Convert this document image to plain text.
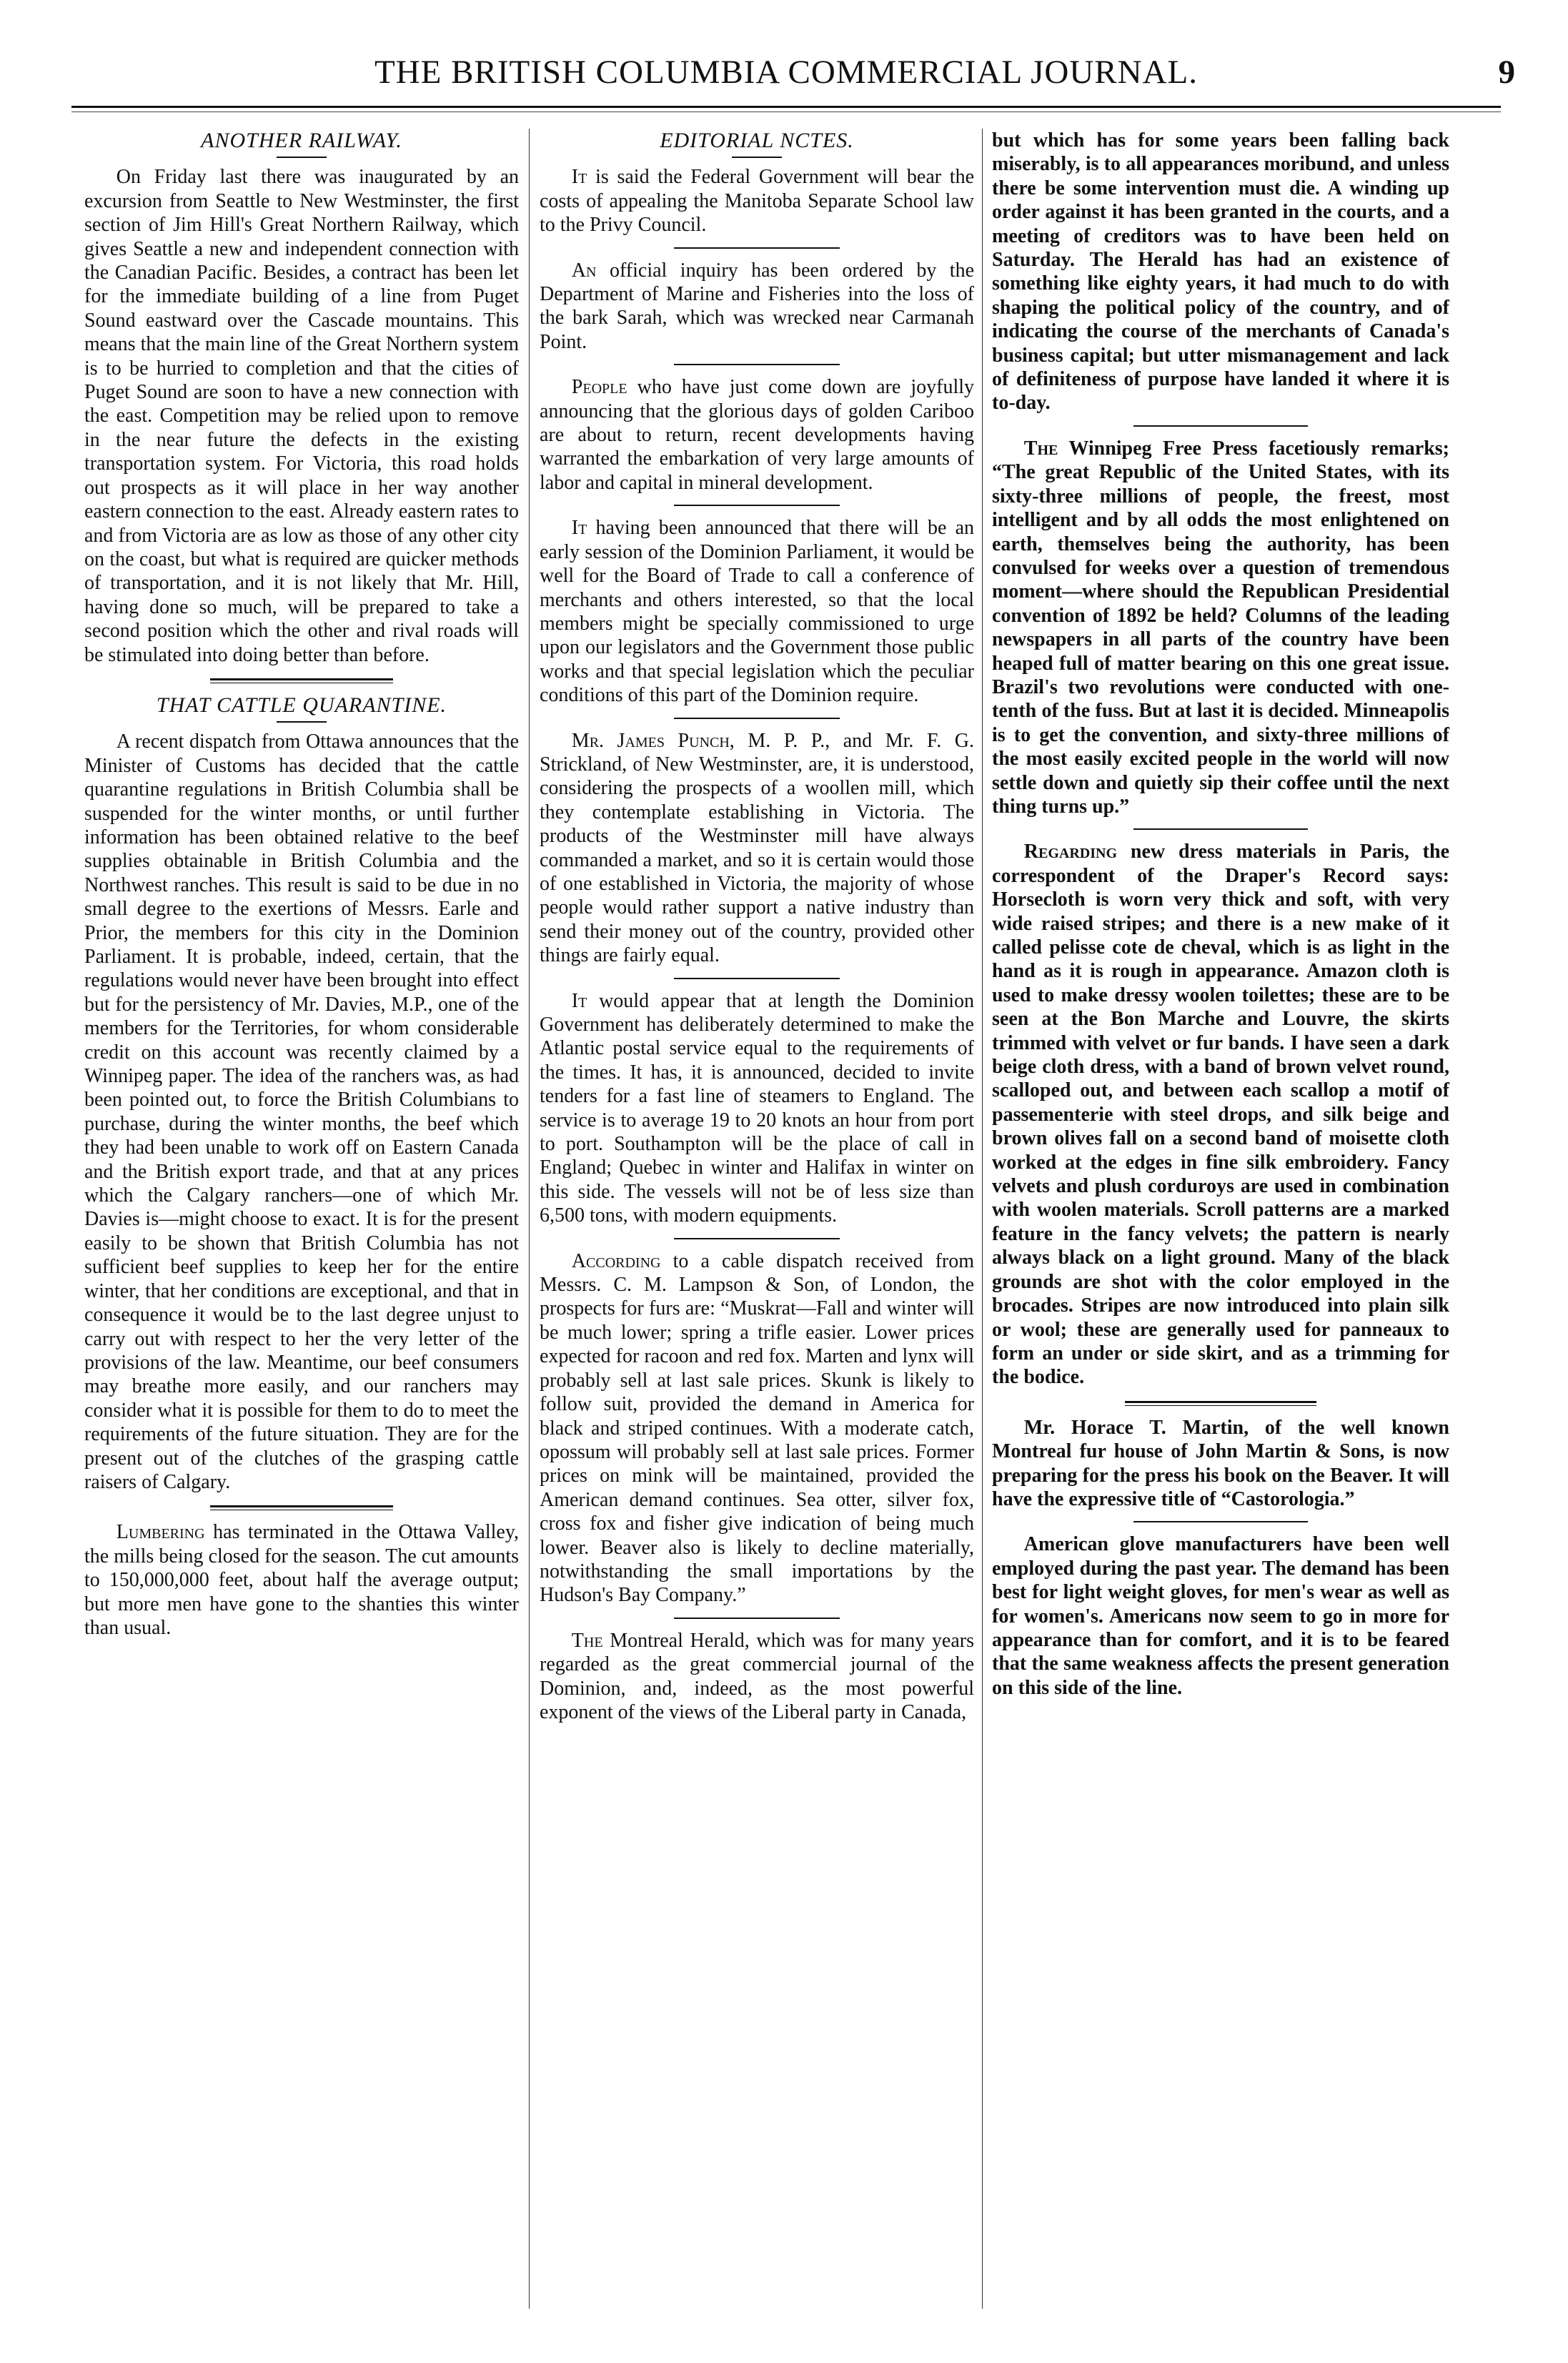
THE BRITISH COLUMBIA COMMERCIAL JOURNAL.	9
ANOTHER RAILWAY.

On Friday last there was inaugurated by an excursion from Seattle to New Westminster, the first section of Jim Hill's Great Northern Railway, which gives Seattle a new and independent connection with the Canadian Pacific. Besides, a contract has been let for the immediate building of a line from Puget Sound eastward over the Cascade mountains. This means that the main line of the Great Northern system is to be hurried to completion and that the cities of Puget Sound are soon to have a new connection with the east. Competition may be relied upon to remove in the near future the defects in the existing transportation system. For Victoria, this road holds out prospects as it will place in her way another eastern connection to the east. Already eastern rates to and from Victoria are as low as those of any other city on the coast, but what is required are quicker methods of transportation, and it is not likely that Mr. Hill, having done so much, will be prepared to take a second position which the other and rival roads will be stimulated into doing better than before.

THAT CATTLE QUARANTINE.

A recent dispatch from Ottawa announces that the Minister of Customs has decided that the cattle quarantine regulations in British Columbia shall be suspended for the winter months, or until further information has been obtained relative to the beef supplies obtainable in British Columbia and the Northwest ranches. This result is said to be due in no small degree to the exertions of Messrs. Earle and Prior, the members for this city in the Dominion Parliament. It is probable, indeed, certain, that the regulations would never have been brought into effect but for the persistency of Mr. Davies, M.P., one of the members for the Territories, for whom considerable credit on this account was recently claimed by a Winnipeg paper. The idea of the ranchers was, as had been pointed out, to force the British Columbians to purchase, during the winter months, the beef which they had been unable to work off on Eastern Canada and the British export trade, and that at any prices which the Calgary ranchers—one of which Mr. Davies is—might choose to exact. It is for the present easily to be shown that British Columbia has not sufficient beef supplies to keep her for the entire winter, that her conditions are exceptional, and that in consequence it would be to the last degree unjust to carry out with respect to her the very letter of the provisions of the law. Meantime, our beef consumers may breathe more easily, and our ranchers may consider what it is possible for them to do to meet the requirements of the future situation. They are for the present out of the clutches of the grasping cattle raisers of Calgary.

Lumbering has terminated in the Ottawa Valley, the mills being closed for the season. The cut amounts to 150,000,000 feet, about half the average output; but more men have gone to the shanties this winter than usual.

EDITORIAL NCTES.

It is said the Federal Government will bear the costs of appealing the Manitoba Separate School law to the Privy Council.

An official inquiry has been ordered by the Department of Marine and Fisheries into the loss of the bark Sarah, which was wrecked near Carmanah Point.

People who have just come down are joyfully announcing that the glorious days of golden Cariboo are about to return, recent developments having warranted the embarkation of very large amounts of labor and capital in mineral development.

It having been announced that there will be an early session of the Dominion Parliament, it would be well for the Board of Trade to call a conference of merchants and others interested, so that the local members might be specially commissioned to urge upon our legislators and the Government those public works and that special legislation which the peculiar conditions of this part of the Dominion require.

Mr. James Punch, M. P. P., and Mr. F. G. Strickland, of New Westminster, are, it is understood, considering the prospects of a woollen mill, which they contemplate establishing in Victoria. The products of the Westminster mill have always commanded a market, and so it is certain would those of one established in Victoria, the majority of whose people would rather support a native industry than send their money out of the country, provided other things are fairly equal.

It would appear that at length the Dominion Government has deliberately determined to make the Atlantic postal service equal to the requirements of the times. It has, it is announced, decided to invite tenders for a fast line of steamers to England. The service is to average 19 to 20 knots an hour from port to port. Southampton will be the place of call in England; Quebec in winter and Halifax in winter on this side. The vessels will not be of less size than 6,500 tons, with modern equipments.

According to a cable dispatch received from Messrs. C. M. Lampson & Son, of London, the prospects for furs are: “Muskrat—Fall and winter will be much lower; spring a trifle easier. Lower prices expected for racoon and red fox. Marten and lynx will probably sell at last sale prices. Skunk is likely to follow suit, provided the demand in America for black and striped continues. With a moderate catch, opossum will probably sell at last sale prices. Former prices on mink will be maintained, provided the American demand continues. Sea otter, silver fox, cross fox and fisher give indication of being much lower. Beaver also is likely to decline materially, notwithstanding the small importations by the Hudson's Bay Company.”

The Montreal Herald, which was for many years regarded as the great commercial journal of the Dominion, and, indeed, as the most powerful exponent of the views of the Liberal party in Canada,

but which has for some years been falling back miserably, is to all appearances moribund, and unless there be some intervention must die. A winding up order against it has been granted in the courts, and a meeting of creditors was to have been held on Saturday. The Herald has had an existence of something like eighty years, it had much to do with shaping the political policy of the country, and of indicating the course of the merchants of Canada's business capital; but utter mismanagement and lack of definiteness of purpose have landed it where it is to-day.

The Winnipeg Free Press facetiously remarks; “The great Republic of the United States, with its sixty-three millions of people, the freest, most intelligent and by all odds the most enlightened on earth, themselves being the authority, has been convulsed for weeks over a question of tremendous moment—where should the Republican Presidential convention of 1892 be held? Columns of the leading newspapers in all parts of the country have been heaped full of matter bearing on this one great issue. Brazil's two revolutions were conducted with one-tenth of the fuss. But at last it is decided. Minneapolis is to get the convention, and sixty-three millions of the most easily excited people in the world will now settle down and quietly sip their coffee until the next thing turns up.”

Regarding new dress materials in Paris, the correspondent of the Draper's Record says: Horsecloth is worn very thick and soft, with very wide raised stripes; and there is a new make of it called pelisse cote de cheval, which is as light in the hand as it is rough in appearance. Amazon cloth is used to make dressy woolen toilettes; these are to be seen at the Bon Marche and Louvre, the skirts trimmed with velvet or fur bands. I have seen a dark beige cloth dress, with a band of brown velvet round, scalloped out, and between each scallop a motif of passementerie with steel drops, and silk beige and brown olives fall on a second band of moisette cloth worked at the edges in fine silk embroidery. Fancy velvets and plush corduroys are used in combination with woolen materials. Scroll patterns are a marked feature in the fancy velvets; the pattern is nearly always black on a light ground. Many of the black grounds are shot with the color employed in the brocades. Stripes are now introduced into plain silk or wool; these are generally used for panneaux to form an under or side skirt, and as a trimming for the bodice.

Mr. Horace T. Martin, of the well known Montreal fur house of John Martin & Sons, is now preparing for the press his book on the Beaver. It will have the expressive title of “Castorologia.”

American glove manufacturers have been well employed during the past year. The demand has been best for light weight gloves, for men's wear as well as for women's. Americans now seem to go in more for appearance than for comfort, and it is to be feared that the same weakness affects the present generation on this side of the line.
